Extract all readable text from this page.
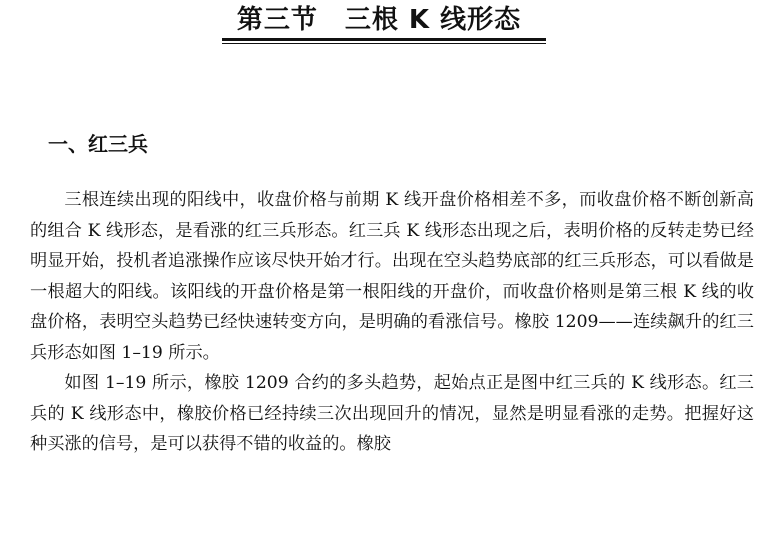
第三节　三根 K 线形态
一、红三兵

三根连续出现的阳线中，收盘价格与前期 K 线开盘价格相差不多，而收盘价格不断创新高的组合 K 线形态，是看涨的红三兵形态。红三兵 K 线形态出现之后，表明价格的反转走势已经明显开始，投机者追涨操作应该尽快开始才行。出现在空头趋势底部的红三兵形态，可以看做是一根超大的阳线。该阳线的开盘价格是第一根阳线的开盘价，而收盘价格则是第三根 K 线的收盘价格，表明空头趋势已经快速转变方向，是明确的看涨信号。橡胶 1209——连续飙升的红三兵形态如图 1–19 所示。

如图 1–19 所示，橡胶 1209 合约的多头趋势，起始点正是图中红三兵的 K 线形态。红三兵的 K 线形态中，橡胶价格已经持续三次出现回升的情况，显然是明显看涨的走势。把握好这种买涨的信号，是可以获得不错的收益的。橡胶
